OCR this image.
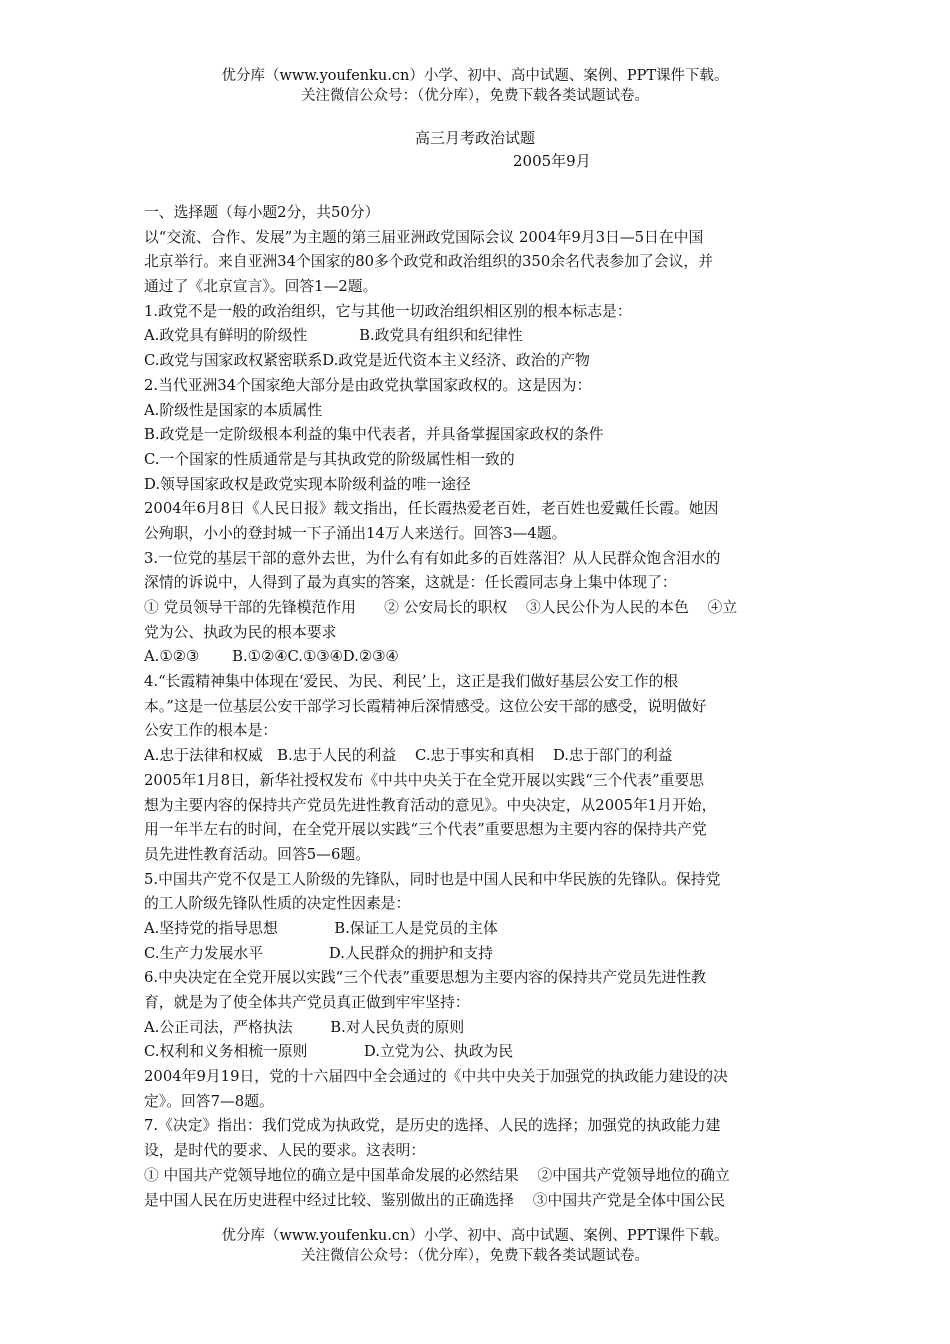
优分库（www.youfenku.cn）小学、初中、高中试题、案例、PPT课件下载。
关注微信公众号：（优分库），免费下载各类试题试卷。
高三月考政治试题
2005年9月
一、选择题（每小题2分，共50分）
以“交流、合作、发展”为主题的第三届亚洲政党国际会议 2004年9月3日—5日在中国
北京举行。来自亚洲34个国家的80多个政党和政治组织的350余名代表参加了会议，并
通过了《北京宣言》。回答1—2题。
1.政党不是一般的政治组织，它与其他一切政治组织相区别的根本标志是：
A.政党具有鲜明的阶级性           B.政党具有组织和纪律性
C.政党与国家政权紧密联系D.政党是近代资本主义经济、政治的产物
2.当代亚洲34个国家绝大部分是由政党执掌国家政权的。这是因为：
A.阶级性是国家的本质属性
B.政党是一定阶级根本利益的集中代表者，并具备掌握国家政权的条件
C.一个国家的性质通常是与其执政党的阶级属性相一致的
D.领导国家政权是政党实现本阶级利益的唯一途径
2004年6月8日《人民日报》载文指出，任长霞热爱老百姓，老百姓也爱戴任长霞。她因
公殉职，小小的登封城一下子涌出14万人来送行。回答3—4题。
3.一位党的基层干部的意外去世，为什么有有如此多的百姓落泪？从人民群众饱含泪水的
深情的诉说中，人得到了最为真实的答案，这就是：任长霞同志身上集中体现了：
① 党员领导干部的先锋模范作用      ② 公安局长的职权    ③人民公仆为人民的本色    ④立
党为公、执政为民的根本要求
A.①②③       B.①②④C.①③④D.②③④
4.“长霞精神集中体现在‘爱民、为民、利民’上，这正是我们做好基层公安工作的根
本。”这是一位基层公安干部学习长霞精神后深情感受。这位公安干部的感受，说明做好
公安工作的根本是：
A.忠于法律和权威   B.忠于人民的利益    C.忠于事实和真相    D.忠于部门的利益
2005年1月8日，新华社授权发布《中共中央关于在全党开展以实践“三个代表”重要思
想为主要内容的保持共产党员先进性教育活动的意见》。中央决定，从2005年1月开始，
用一年半左右的时间，在全党开展以实践“三个代表”重要思想为主要内容的保持共产党
员先进性教育活动。回答5—6题。
5.中国共产党不仅是工人阶级的先锋队，同时也是中国人民和中华民族的先锋队。保持党
的工人阶级先锋队性质的决定性因素是：
A.坚持党的指导思想            B.保证工人是党员的主体
C.生产力发展水平              D.人民群众的拥护和支持
6.中央决定在全党开展以实践“三个代表”重要思想为主要内容的保持共产党员先进性教
育，就是为了使全体共产党员真正做到牢牢坚持：
A.公正司法，严格执法        B.对人民负责的原则
C.权利和义务相梳一原则            D.立党为公、执政为民
2004年9月19日，党的十六届四中全会通过的《中共中央关于加强党的执政能力建设的决
定》。回答7—8题。
7.《决定》指出：我们党成为执政党，是历史的选择、人民的选择；加强党的执政能力建
设，是时代的要求、人民的要求。这表明：
① 中国共产党领导地位的确立是中国革命发展的必然结果    ②中国共产党领导地位的确立
是中国人民在历史进程中经过比较、鉴别做出的正确选择    ③中国共产党是全体中国公民
优分库（www.youfenku.cn）小学、初中、高中试题、案例、PPT课件下载。
关注微信公众号：（优分库），免费下载各类试题试卷。
